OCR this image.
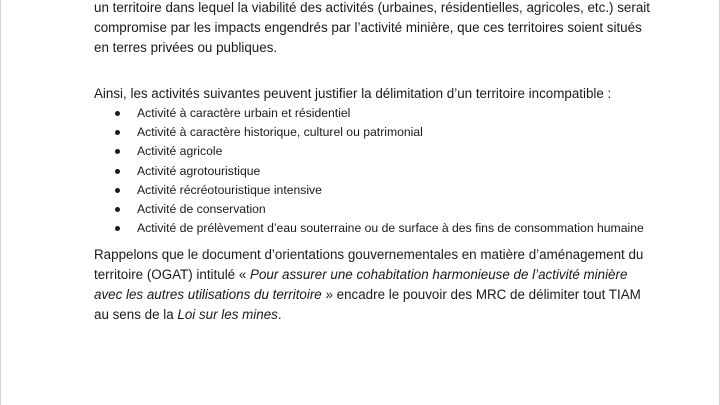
un territoire dans lequel la viabilité des activités (urbaines, résidentielles, agricoles, etc.) serait
compromise par les impacts engendrés par l’activité minière, que ces territoires soient situés
en terres privées ou publiques.
Ainsi, les activités suivantes peuvent justifier la délimitation d’un territoire incompatible :
Activité à caractère urbain et résidentiel
Activité à caractère historique, culturel ou patrimonial
Activité agricole
Activité agrotouristique
Activité récréotouristique intensive
Activité de conservation
Activité de prélèvement d’eau souterraine ou de surface à des fins de consommation humaine
Rappelons que le document d’orientations gouvernementales en matière d’aménagement du
territoire (OGAT) intitulé « Pour assurer une cohabitation harmonieuse de l’activité minière
avec les autres utilisations du territoire » encadre le pouvoir des MRC de délimiter tout TIAM
au sens de la Loi sur les mines.
